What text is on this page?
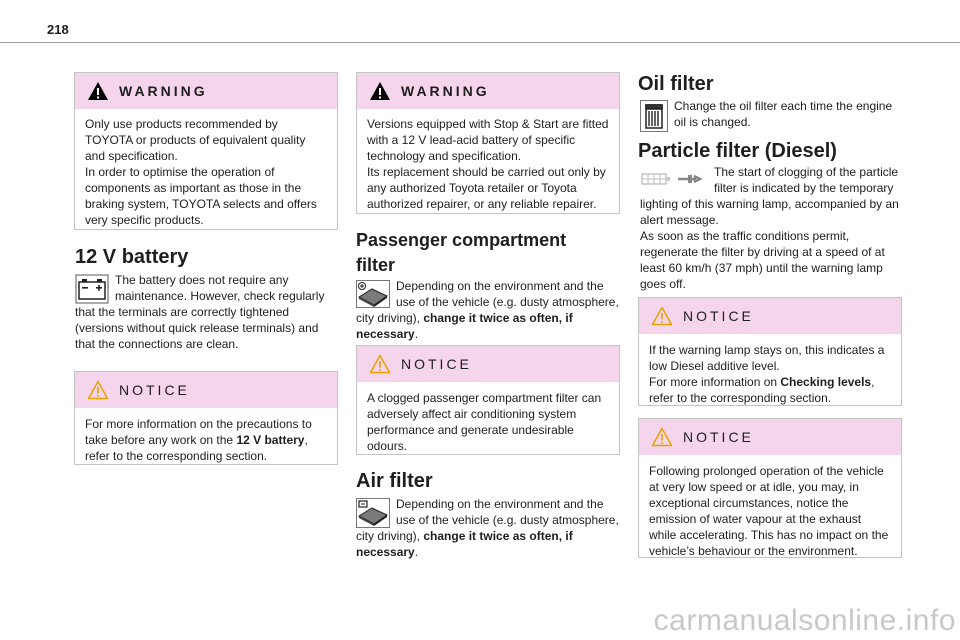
218
WARNING

Only use products recommended by TOYOTA or products of equivalent quality and specification.

In order to optimise the operation of components as important as those in the braking system, TOYOTA selects and offers very specific products.

12 V battery
The battery does not require any maintenance. However, check regularly that the terminals are correctly tightened (versions without quick release terminals) and that the connections are clean.
NOTICE

For more information on the precautions to take before any work on the 12 V battery, refer to the corresponding section.

WARNING

Versions equipped with Stop & Start are fitted with a 12 V lead-acid battery of specific technology and specification.

Its replacement should be carried out only by any authorized Toyota retailer or Toyota authorized repairer, or any reliable repairer.

Passenger compartment
filter
Depending on the environment and the use of the vehicle (e.g. dusty atmosphere, city driving), change it twice as often, if necessary.
NOTICE

A clogged passenger compartment filter can adversely affect air conditioning system performance and generate undesirable odours.

Air filter
Depending on the environment and the use of the vehicle (e.g. dusty atmosphere, city driving), change it twice as often, if necessary.
Oil filter
Change the oil filter each time the engine oil is changed.
Particle filter (Diesel)
The start of clogging of the particle filter is indicated by the temporary lighting of this warning lamp, accompanied by an alert message.
As soon as the traffic conditions permit, regenerate the filter by driving at a speed of at least 60 km/h (37 mph) until the warning lamp goes off.
NOTICE

If the warning lamp stays on, this indicates a low Diesel additive level.

For more information on Checking levels, refer to the corresponding section.

NOTICE

Following prolonged operation of the vehicle at very low speed or at idle, you may, in exceptional circumstances, notice the emission of water vapour at the exhaust while accelerating. This has no impact on the vehicle’s behaviour or the environment.

carmanualsonline.info
